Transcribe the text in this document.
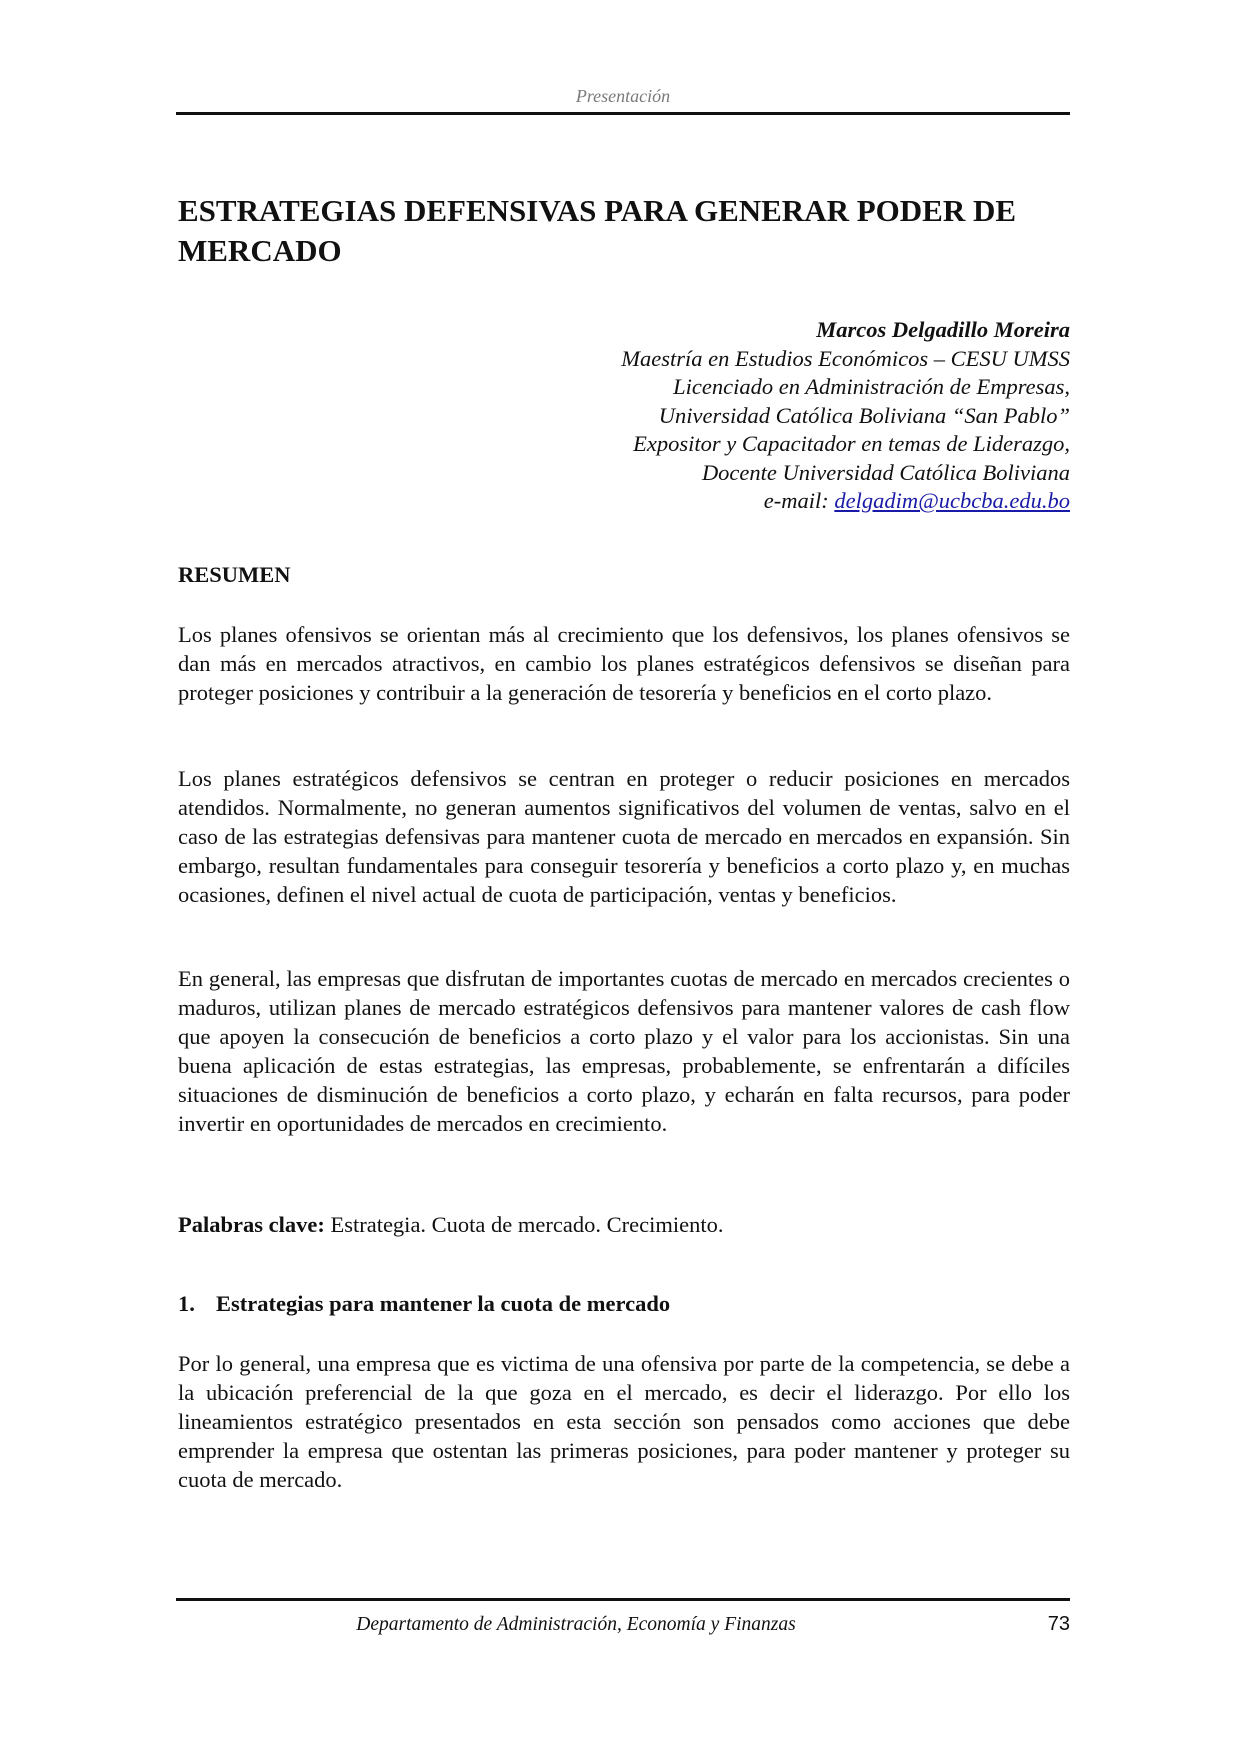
Presentación
ESTRATEGIAS DEFENSIVAS PARA GENERAR PODER DE MERCADO
Marcos Delgadillo Moreira
Maestría en Estudios Económicos – CESU UMSS
Licenciado en Administración de Empresas,
Universidad Católica Boliviana “San Pablo”
Expositor y Capacitador en temas de Liderazgo,
Docente Universidad Católica Boliviana
e-mail: delgadim@ucbcba.edu.bo
RESUMEN

Los planes ofensivos se orientan más al crecimiento que los defensivos, los planes ofensivos se dan más en mercados atractivos, en cambio los planes estratégicos defensivos se diseñan para proteger posiciones y contribuir a la generación de tesorería y beneficios en el corto plazo.

Los planes estratégicos defensivos se centran en proteger o reducir posiciones en mercados atendidos. Normalmente, no generan aumentos significativos del volumen de ventas, salvo en el caso de las estrategias defensivas para mantener cuota de mercado en mercados en expansión. Sin embargo, resultan fundamentales para conseguir tesorería y beneficios a corto plazo y, en muchas ocasiones, definen el nivel actual de cuota de participación, ventas y beneficios.

En general, las empresas que disfrutan de importantes cuotas de mercado en mercados crecientes o maduros, utilizan planes de mercado estratégicos defensivos para mantener valores de cash flow que apoyen la consecución de beneficios a corto plazo y el valor para los accionistas. Sin una buena aplicación de estas estrategias, las empresas, probablemente, se enfrentarán a difíciles situaciones de disminución de beneficios a corto plazo, y echarán en falta recursos, para poder invertir en oportunidades de mercados en crecimiento.

Palabras clave: Estrategia. Cuota de mercado. Crecimiento.

1. Estrategias para mantener la cuota de mercado

Por lo general, una empresa que es victima de una ofensiva por parte de la competencia, se debe a la ubicación preferencial de la que goza en el mercado, es decir el liderazgo. Por ello los lineamientos estratégico presentados en esta sección son pensados como acciones que debe emprender la empresa que ostentan las primeras posiciones, para poder mantener y proteger su cuota de mercado.

Departamento de Administración, Economía y Finanzas	73
